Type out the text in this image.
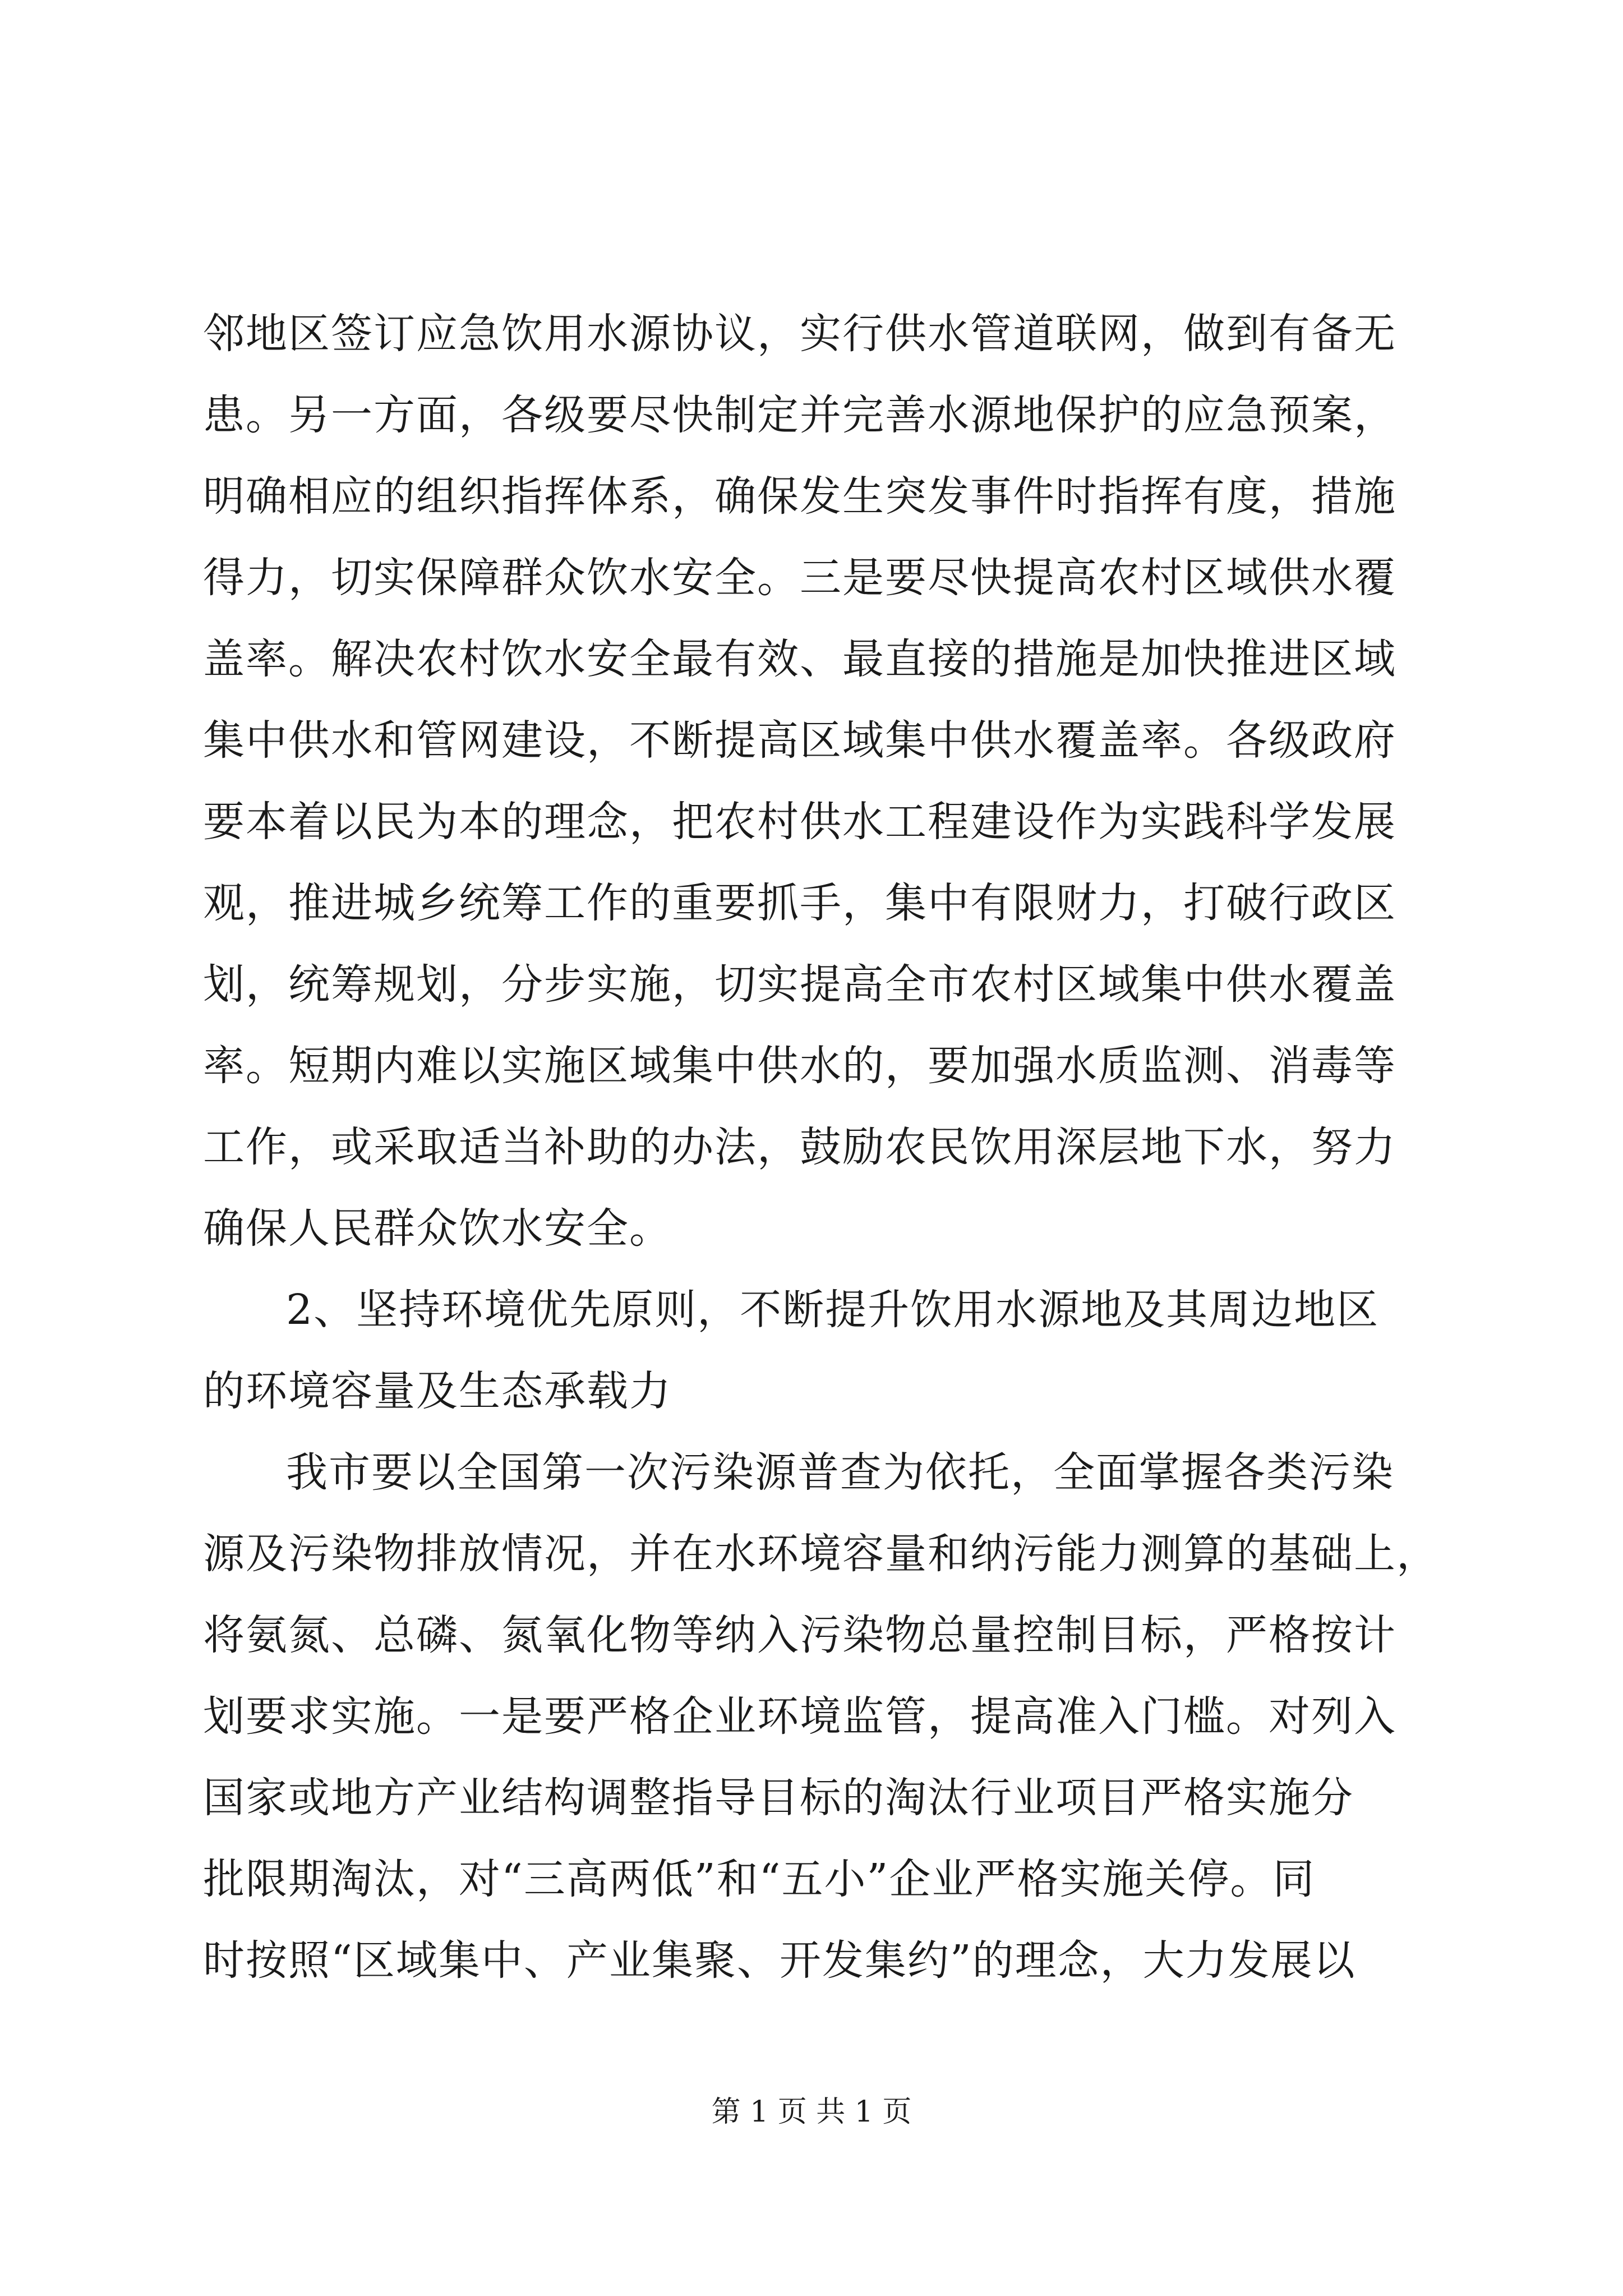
邻地区签订应急饮用水源协议，实行供水管道联网，做到有备无
患。另一方面，各级要尽快制定并完善水源地保护的应急预案，
明确相应的组织指挥体系，确保发生突发事件时指挥有度，措施
得力，切实保障群众饮水安全。三是要尽快提高农村区域供水覆
盖率。解决农村饮水安全最有效、最直接的措施是加快推进区域
集中供水和管网建设，不断提高区域集中供水覆盖率。各级政府
要本着以民为本的理念，把农村供水工程建设作为实践科学发展
观，推进城乡统筹工作的重要抓手，集中有限财力，打破行政区
划，统筹规划，分步实施，切实提高全市农村区域集中供水覆盖
率。短期内难以实施区域集中供水的，要加强水质监测、消毒等
工作，或采取适当补助的办法，鼓励农民饮用深层地下水，努力
确保人民群众饮水安全。
2、坚持环境优先原则，不断提升饮用水源地及其周边地区
的环境容量及生态承载力
我市要以全国第一次污染源普查为依托，全面掌握各类污染
源及污染物排放情况，并在水环境容量和纳污能力测算的基础上，
将氨氮、总磷、氮氧化物等纳入污染物总量控制目标，严格按计
划要求实施。一是要严格企业环境监管，提高准入门槛。对列入
国家或地方产业结构调整指导目标的淘汰行业项目严格实施分
批限期淘汰，对“三高两低”和“五小”企业严格实施关停。同
时按照“区域集中、产业集聚、开发集约”的理念，大力发展以
第 1 页 共 1 页
